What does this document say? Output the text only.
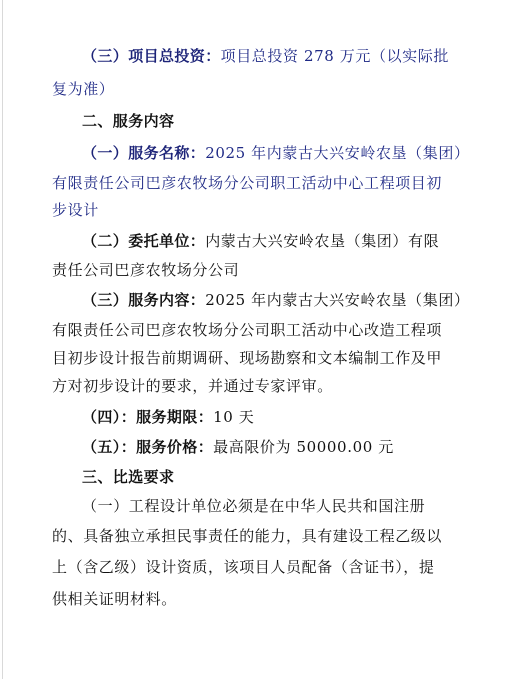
（三）项目总投资：项目总投资 278 万元（以实际批
复为准）
二、服务内容
（一）服务名称：2025 年内蒙古大兴安岭农垦（集团）
有限责任公司巴彦农牧场分公司职工活动中心工程项目初
步设计
（二）委托单位：内蒙古大兴安岭农垦（集团）有限
责任公司巴彦农牧场分公司
（三）服务内容：2025 年内蒙古大兴安岭农垦（集团）
有限责任公司巴彦农牧场分公司职工活动中心改造工程项
目初步设计报告前期调研、现场勘察和文本编制工作及甲
方对初步设计的要求，并通过专家评审。
（四）：服务期限：10 天
（五）：服务价格：最高限价为 50000.00 元
三、比选要求
（一）工程设计单位必须是在中华人民共和国注册
的、具备独立承担民事责任的能力，具有建设工程乙级以
上（含乙级）设计资质，该项目人员配备（含证书），提
供相关证明材料。
